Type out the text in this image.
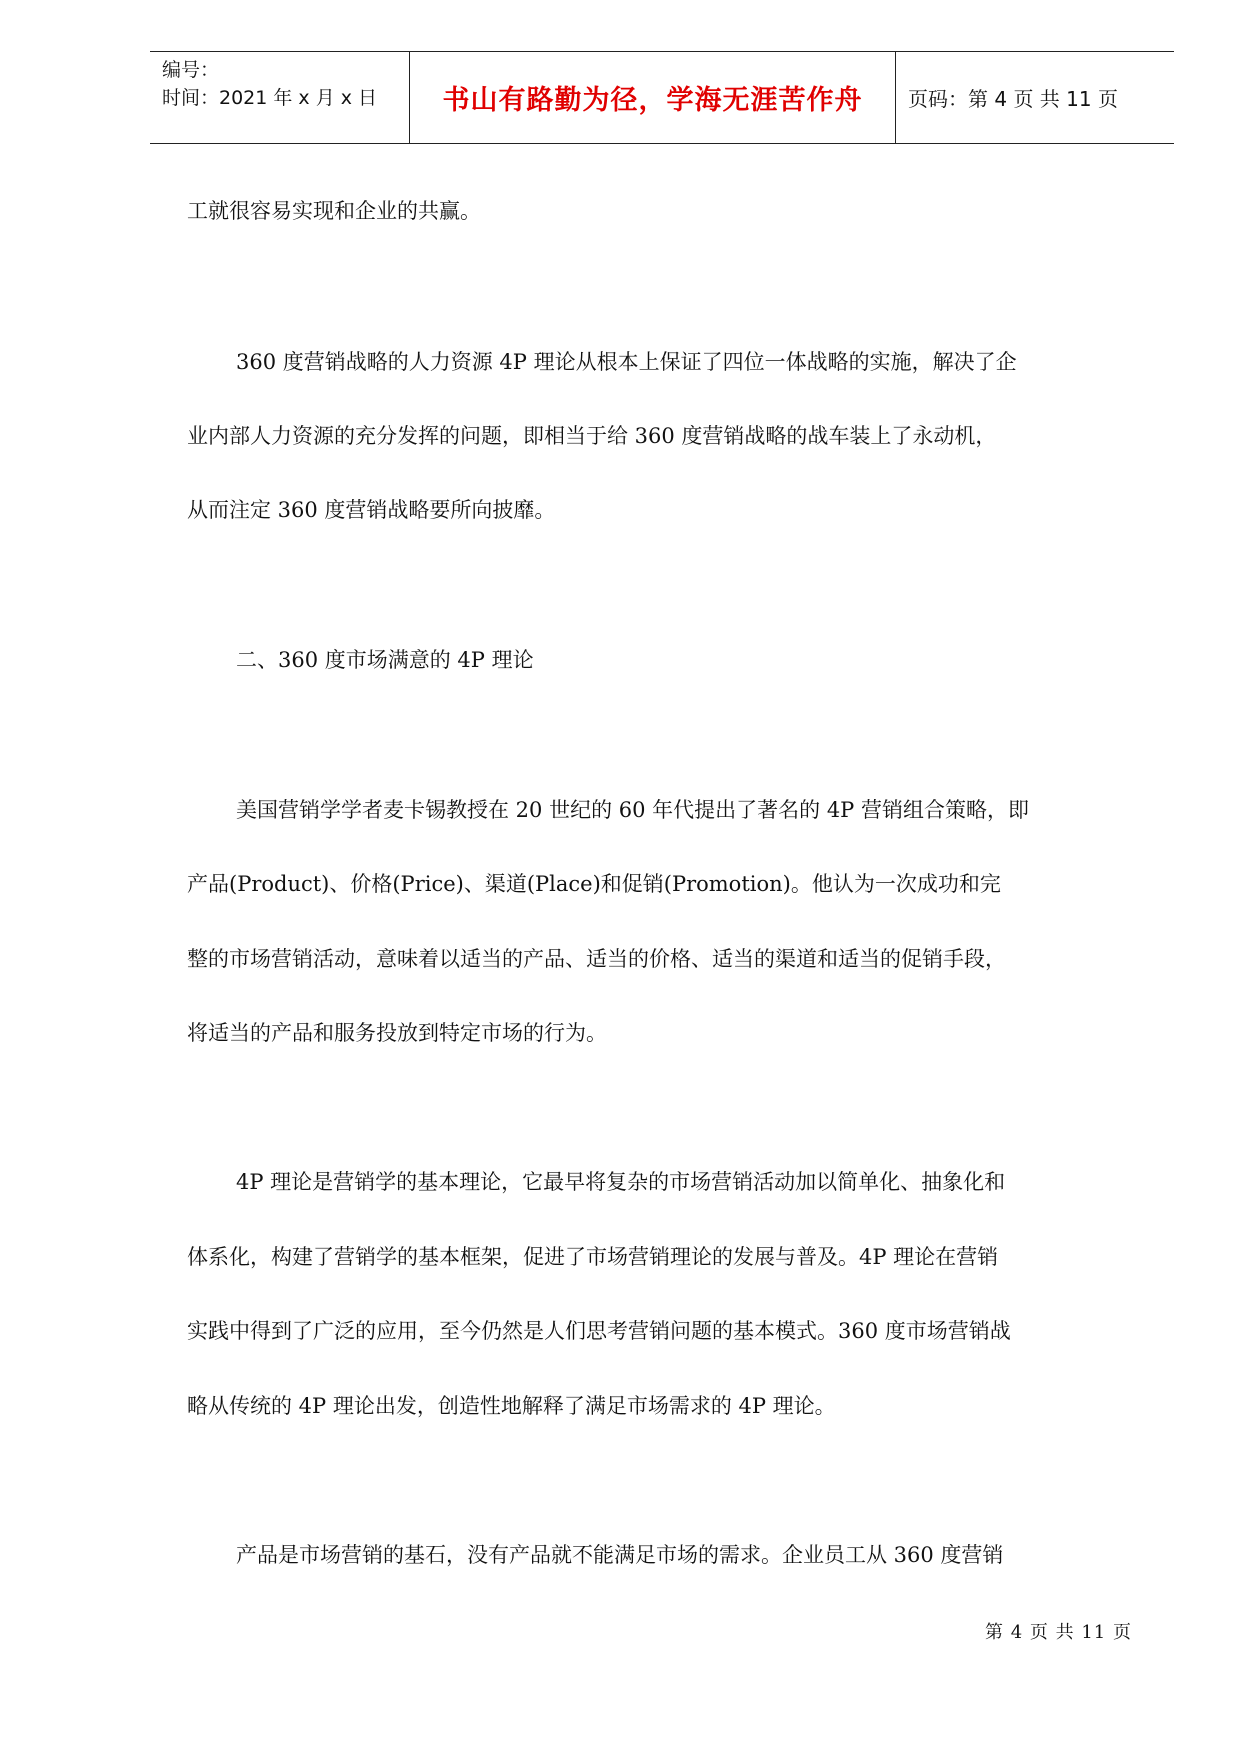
编号：
时间：2021 年 x 月 x 日	书山有路勤为径，学海无涯苦作舟	页码：第 4 页 共 11 页
工就很容易实现和企业的共赢。
360 度营销战略的人力资源 4P 理论从根本上保证了四位一体战略的实施，解决了企
业内部人力资源的充分发挥的问题，即相当于给 360 度营销战略的战车装上了永动机，
从而注定 360 度营销战略要所向披靡。
二、360 度市场满意的 4P 理论
美国营销学学者麦卡锡教授在 20 世纪的 60 年代提出了著名的 4P 营销组合策略，即
产品(Product)、价格(Price)、渠道(Place)和促销(Promotion)。他认为一次成功和完
整的市场营销活动，意味着以适当的产品、适当的价格、适当的渠道和适当的促销手段，
将适当的产品和服务投放到特定市场的行为。
4P 理论是营销学的基本理论，它最早将复杂的市场营销活动加以简单化、抽象化和
体系化，构建了营销学的基本框架，促进了市场营销理论的发展与普及。4P 理论在营销
实践中得到了广泛的应用，至今仍然是人们思考营销问题的基本模式。360 度市场营销战
略从传统的 4P 理论出发，创造性地解释了满足市场需求的 4P 理论。
产品是市场营销的基石，没有产品就不能满足市场的需求。企业员工从 360 度营销
第 4 页 共 11 页
